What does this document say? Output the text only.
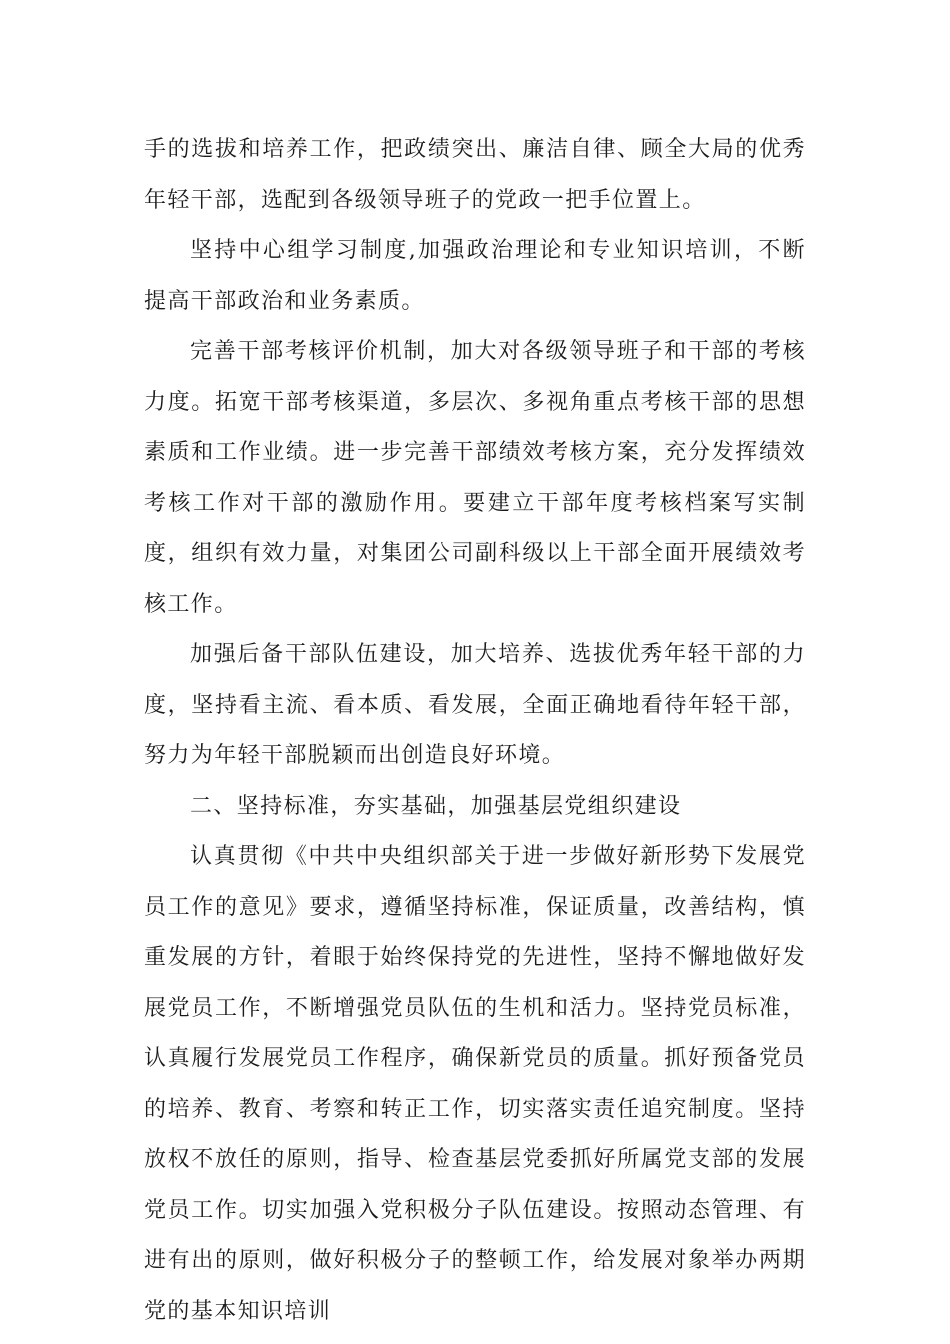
手的选拔和培养工作，把政绩突出、廉洁自律、顾全大局的优秀年轻干部，选配到各级领导班子的党政一把手位置上。

坚持中心组学习制度,加强政治理论和专业知识培训，不断提高干部政治和业务素质。

完善干部考核评价机制，加大对各级领导班子和干部的考核力度。拓宽干部考核渠道，多层次、多视角重点考核干部的思想素质和工作业绩。进一步完善干部绩效考核方案，充分发挥绩效考核工作对干部的激励作用。要建立干部年度考核档案写实制度，组织有效力量，对集团公司副科级以上干部全面开展绩效考核工作。

加强后备干部队伍建设，加大培养、选拔优秀年轻干部的力度，坚持看主流、看本质、看发展，全面正确地看待年轻干部，努力为年轻干部脱颖而出创造良好环境。

二、坚持标准，夯实基础，加强基层党组织建设

认真贯彻《中共中央组织部关于进一步做好新形势下发展党员工作的意见》要求，遵循坚持标准，保证质量，改善结构，慎重发展的方针，着眼于始终保持党的先进性，坚持不懈地做好发展党员工作，不断增强党员队伍的生机和活力。坚持党员标准，认真履行发展党员工作程序，确保新党员的质量。抓好预备党员的培养、教育、考察和转正工作，切实落实责任追究制度。坚持放权不放任的原则，指导、检查基层党委抓好所属党支部的发展党员工作。切实加强入党积极分子队伍建设。按照动态管理、有进有出的原则，做好积极分子的整顿工作，给发展对象举办两期党的基本知识培训
